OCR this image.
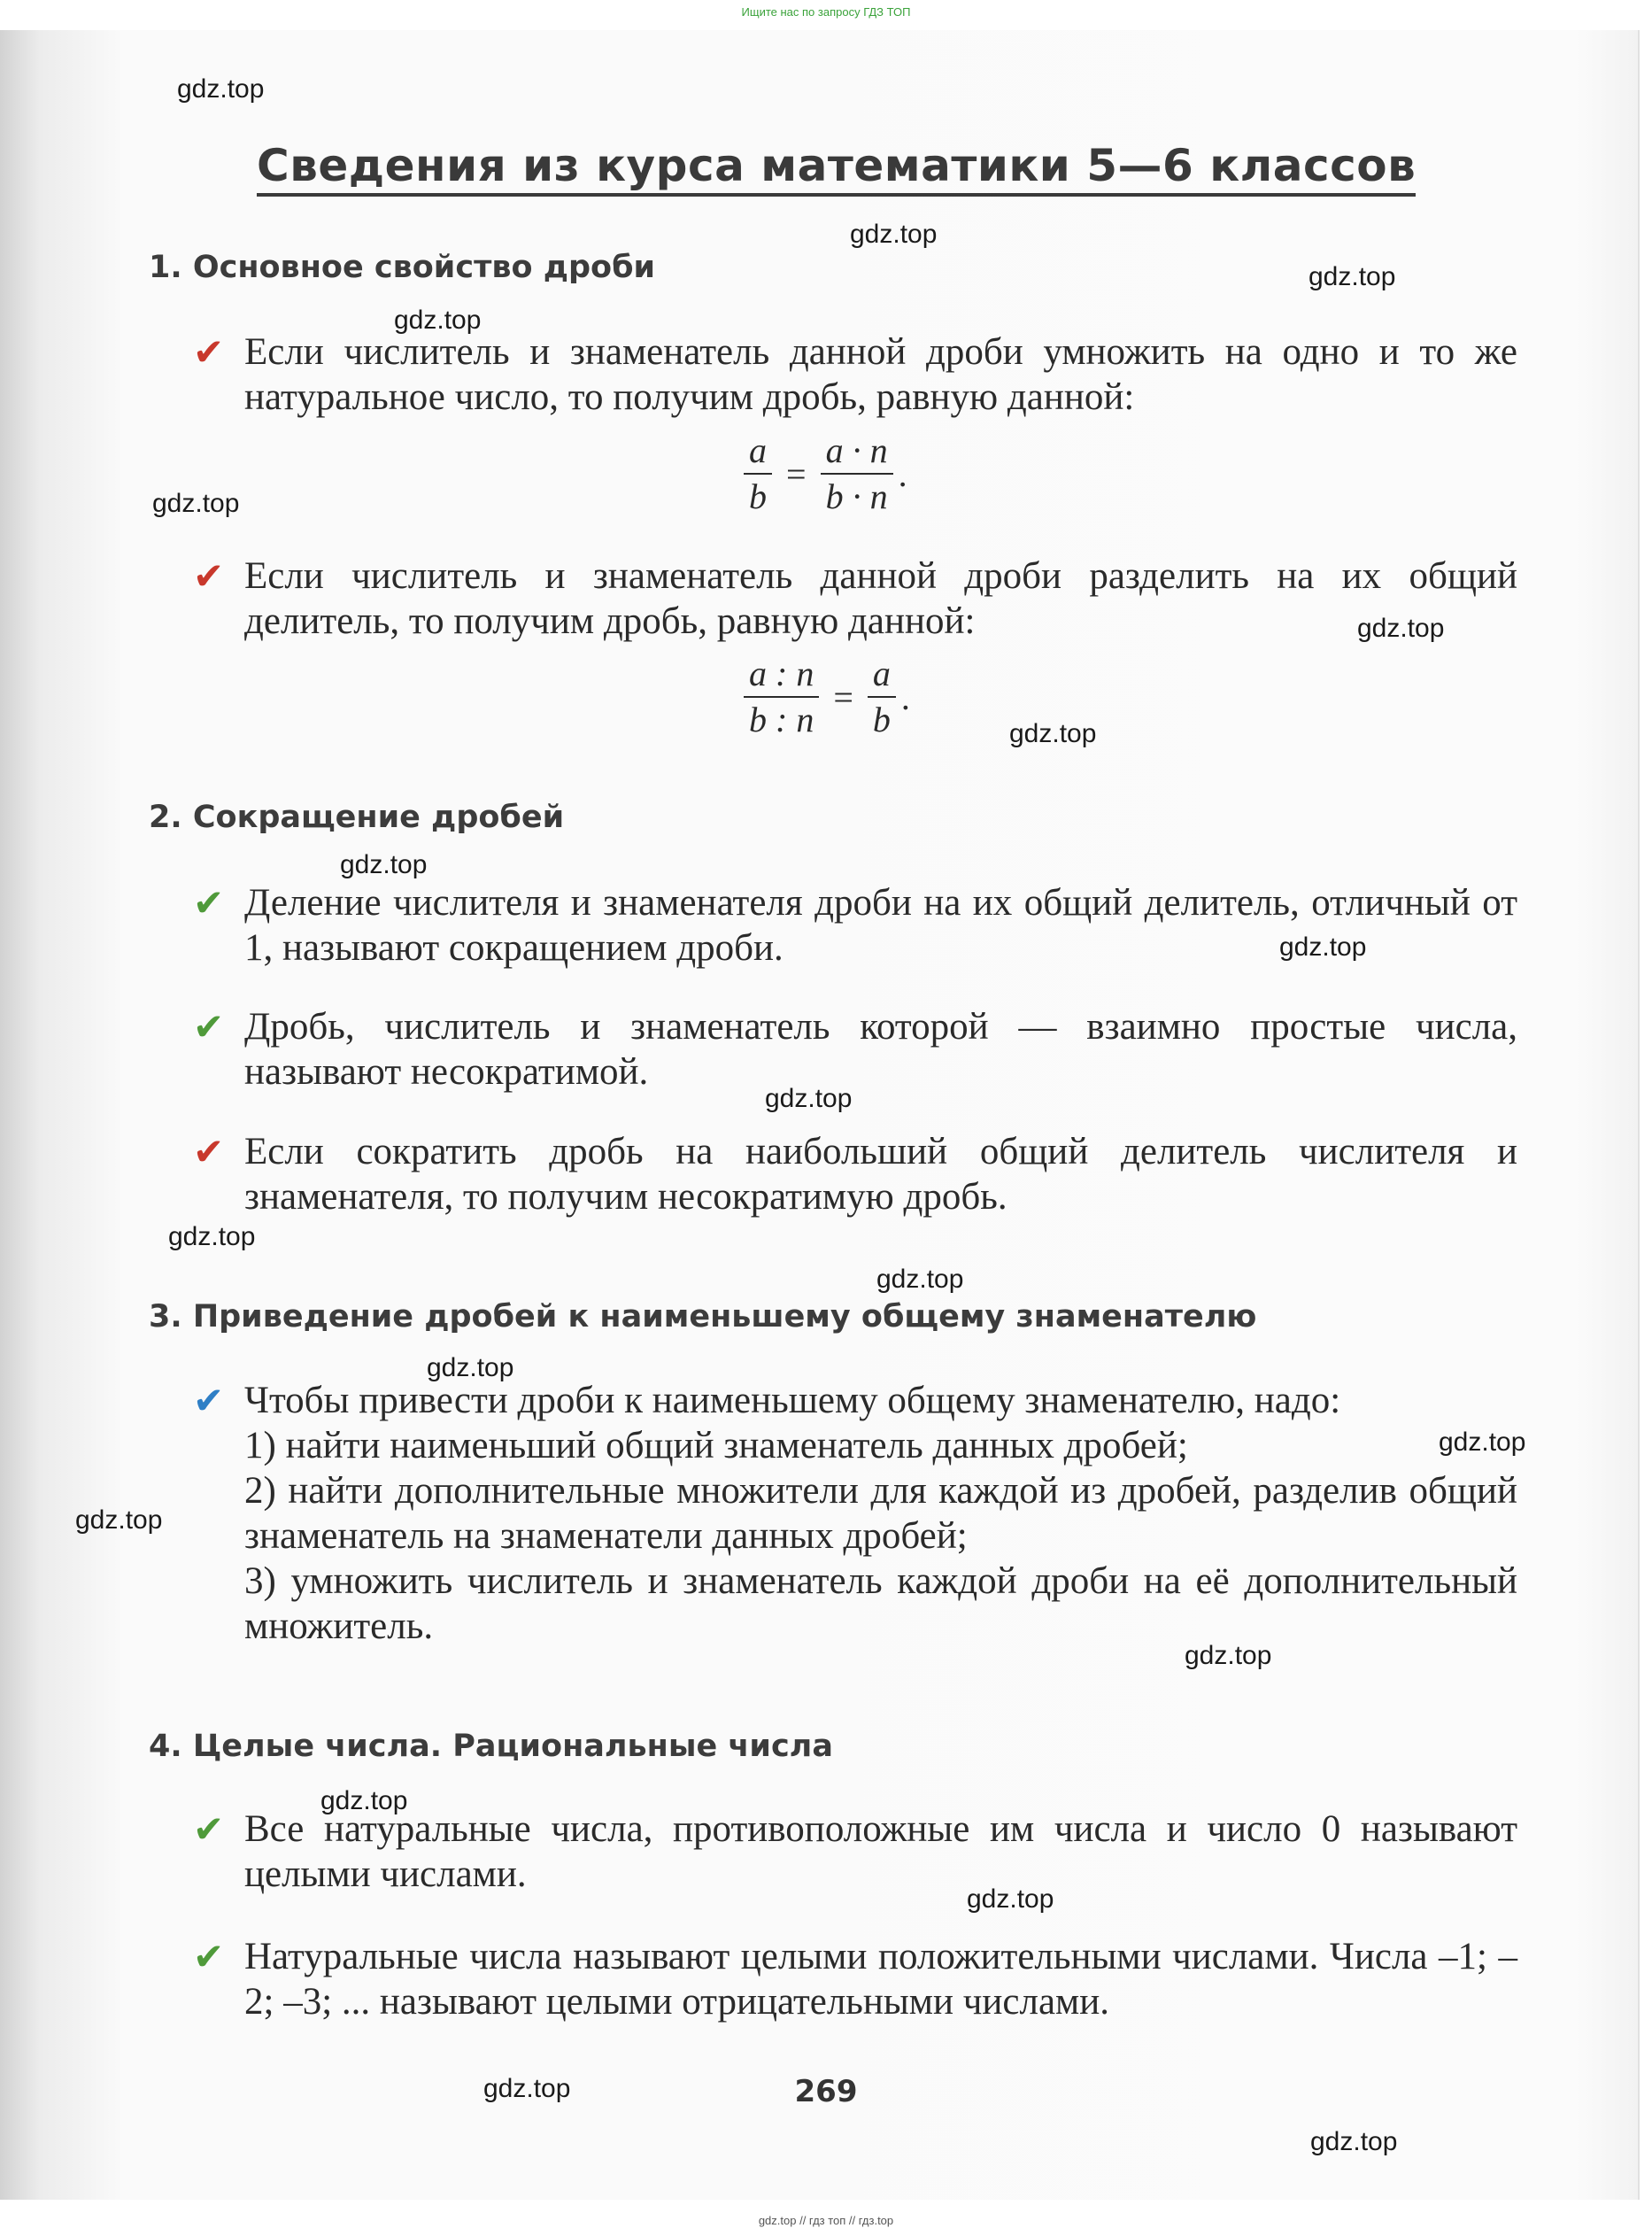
Ищите нас по запросу ГДЗ ТОП
Сведения из курса математики 5—6 классов
1. Основное свойство дроби
✔ Если числитель и знаменатель данной дроби умножить на одно и то же натуральное число, то получим дробь, равную данной:
$\frac{a}{b} = \frac{a \cdot n}{b \cdot n}$ .
✔ Если числитель и знаменатель данной дроби разделить на их общий делитель, то получим дробь, равную данной:
$\frac{a : n}{b : n} = \frac{a}{b}$ .
2. Сокращение дробей
✔ Деление числителя и знаменателя дроби на их общий делитель, отличный от 1, называют сокращением дроби.
✔ Дробь, числитель и знаменатель которой — взаимно простые числа, называют несократимой.
✔ Если сократить дробь на наибольший общий делитель числителя и знаменателя, то получим несократимую дробь.
3. Приведение дробей к наименьшему общему знаменателю
✔ Чтобы привести дроби к наименьшему общему знаменателю, надо:
1) найти наименьший общий знаменатель данных дробей;
2) найти дополнительные множители для каждой из дробей, разделив общий знаменатель на знаменатели данных дробей;
3) умножить числитель и знаменатель каждой дроби на её дополнительный множитель.
4. Целые числа. Рациональные числа
✔ Все натуральные числа, противоположные им числа и число 0 называют целыми числами.
✔ Натуральные числа называют целыми положительными числами. Числа –1; –2; –3; ... называют целыми отрицательными числами.
269
gdz.top
gdz.top
gdz.top
gdz.top
gdz.top
gdz.top
gdz.top
gdz.top
gdz.top
gdz.top
gdz.top
gdz.top
gdz.top
gdz.top
gdz.top
gdz.top
gdz.top
gdz.top
gdz.top
gdz.top
gdz.top // гдз топ // гдз.top
